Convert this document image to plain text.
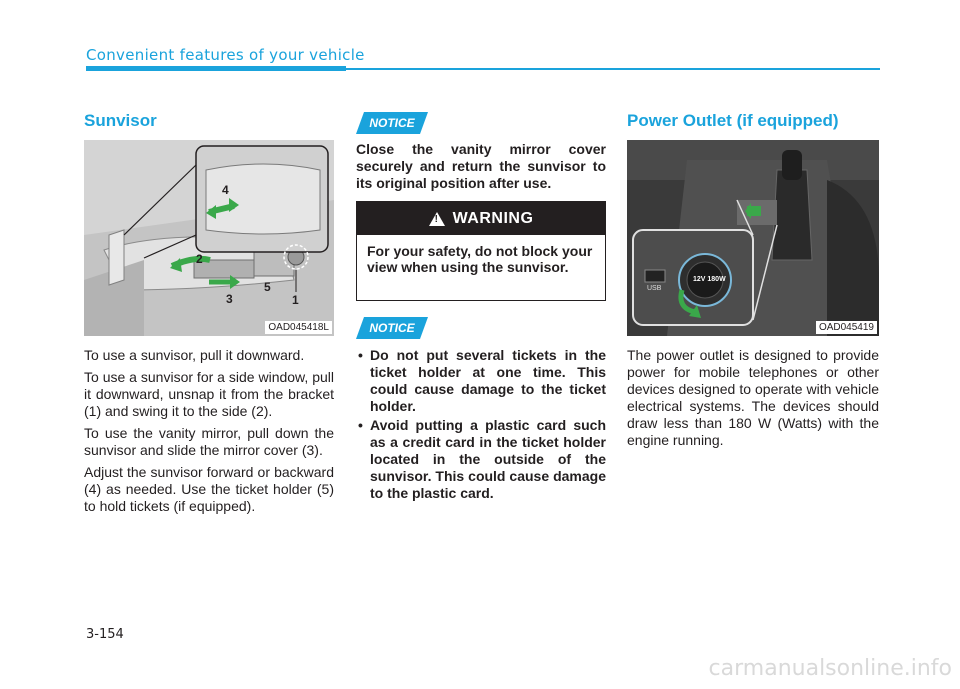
Convenient features of your vehicle
Sunvisor
4
2
5
3	1
OAD045418L

To use a sunvisor, pull it downward.

To use a sunvisor for a side window, pull it downward, unsnap it from the bracket (1) and swing it to the side (2).

To use the vanity mirror, pull down the sunvisor and slide the mirror cover (3).

Adjust the sunvisor forward or backward (4) as needed. Use the ticket holder (5) to hold tickets (if equipped).

NOTICE

Close the vanity mirror cover securely and return the sunvisor to its original position after use.

!
WARNING
For your safety, do not block your view when using the sunvisor.
NOTICE
• Do not put several tickets in the ticket holder at one time. This could cause damage to the ticket holder.
• Avoid putting a plastic card such as a credit card in the ticket holder located in the outside of the sunvisor. This could cause damage to the plastic card.
Power Outlet (if equipped)
USB
12V 180W
OAD045419

The power outlet is designed to provide power for mobile telephones or other devices designed to operate with vehicle electrical systems. The devices should draw less than 180 W (Watts) with the engine running.

3-154
carmanualsonline.info
